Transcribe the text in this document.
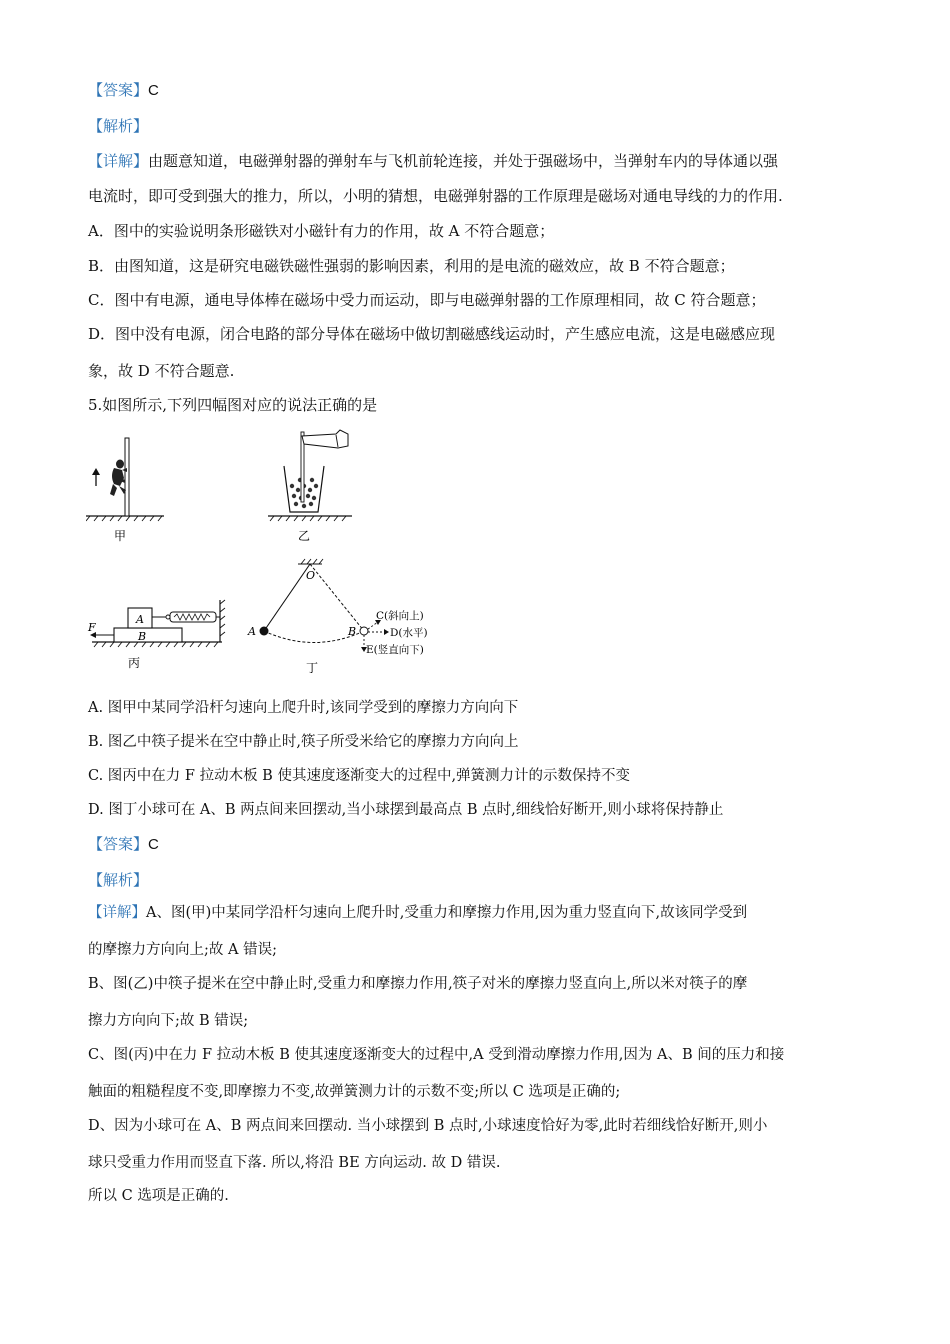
【答案】C
【解析】
【详解】由题意知道，电磁弹射器的弹射车与飞机前轮连接，并处于强磁场中，当弹射车内的导体通以强
电流时，即可受到强大的推力，所以，小明的猜想，电磁弹射器的工作原理是磁场对通电导线的力的作用.
A．图中的实验说明条形磁铁对小磁针有力的作用，故 A 不符合题意；
B．由图知道，这是研究电磁铁磁性强弱的影响因素，利用的是电流的磁效应，故 B 不符合题意；
C．图中有电源，通电导体棒在磁场中受力而运动，即与电磁弹射器的工作原理相同，故 C 符合题意；
D．图中没有电源，闭合电路的部分导体在磁场中做切割磁感线运动时，产生感应电流，这是电磁感应现
象，故 D 不符合题意.
5.如图所示,下列四幅图对应的说法正确的是
甲	乙
B
A
F
丙
O
A	B
C(斜向上)
D(水平)
E(竖直向下)
丁
A. 图甲中某同学沿杆匀速向上爬升时,该同学受到的摩擦力方向向下
B. 图乙中筷子提米在空中静止时,筷子所受米给它的摩擦力方向向上
C. 图丙中在力 F 拉动木板 B 使其速度逐渐变大的过程中,弹簧测力计的示数保持不变
D. 图丁小球可在 A、B 两点间来回摆动,当小球摆到最高点 B 点时,细线恰好断开,则小球将保持静止
【答案】C
【解析】
【详解】A、图(甲)中某同学沿杆匀速向上爬升时,受重力和摩擦力作用,因为重力竖直向下,故该同学受到
的摩擦力方向向上;故 A 错误;
B、图(乙)中筷子提米在空中静止时,受重力和摩擦力作用,筷子对米的摩擦力竖直向上,所以米对筷子的摩
擦力方向向下;故 B 错误;
C、图(丙)中在力 F 拉动木板 B 使其速度逐渐变大的过程中,A 受到滑动摩擦力作用,因为 A、B 间的压力和接
触面的粗糙程度不变,即摩擦力不变,故弹簧测力计的示数不变;所以 C 选项是正确的;
D、因为小球可在 A、B 两点间来回摆动. 当小球摆到 B 点时,小球速度恰好为零,此时若细线恰好断开,则小
球只受重力作用而竖直下落. 所以,将沿 BE 方向运动. 故 D 错误.
所以 C 选项是正确的.
